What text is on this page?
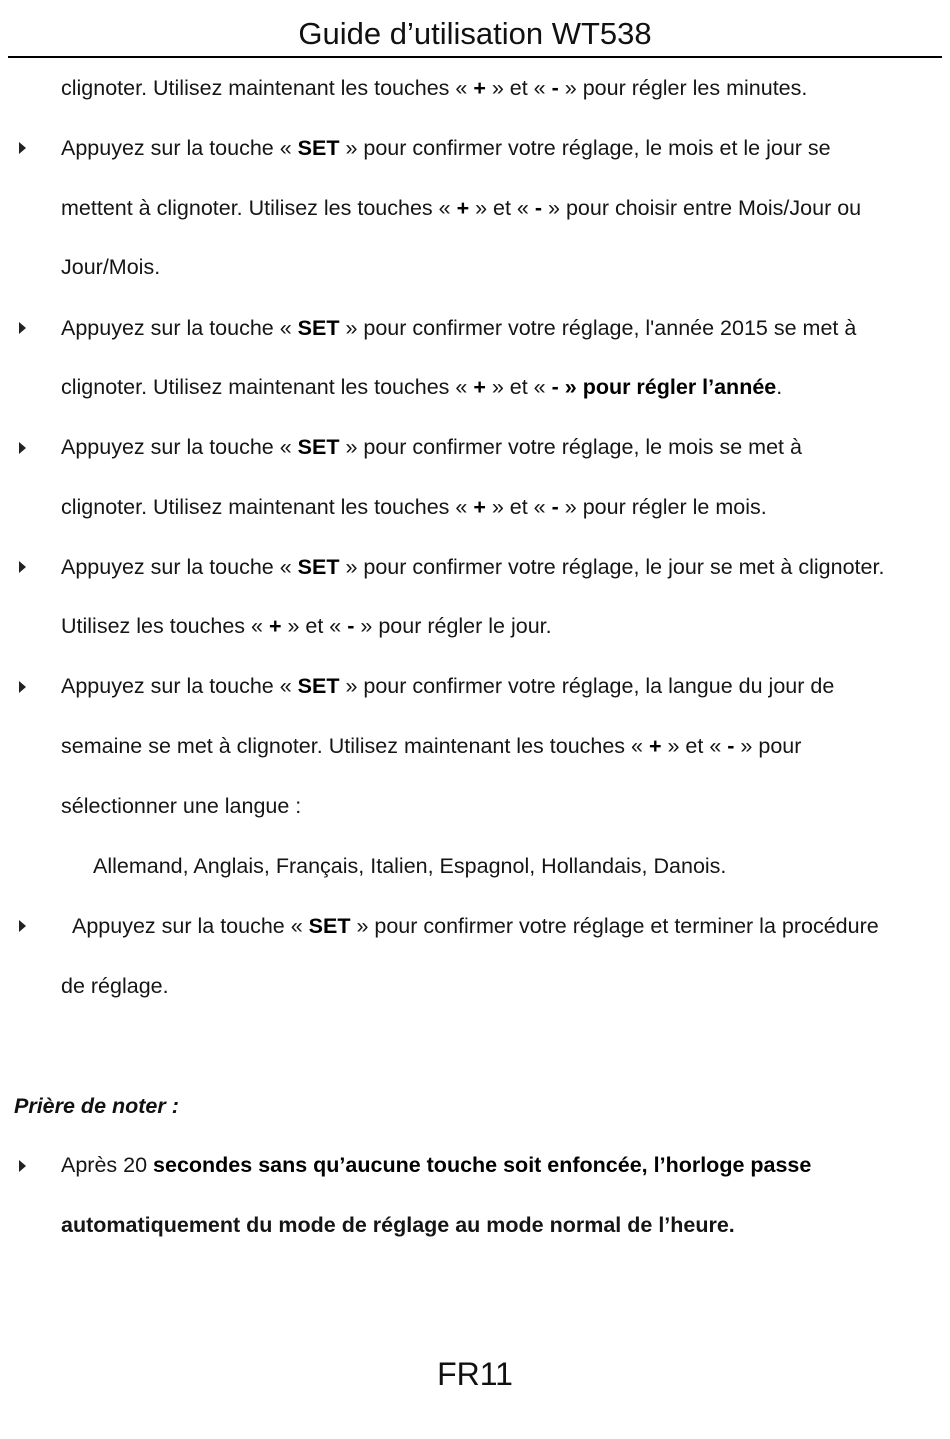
Guide d’utilisation WT538
clignoter. Utilisez maintenant les touches « + » et « - » pour régler les minutes.
Appuyez sur la touche « SET » pour confirmer votre réglage, le mois et le jour se
mettent à clignoter. Utilisez les touches « + » et « - » pour choisir entre Mois/Jour ou
Jour/Mois.
Appuyez sur la touche « SET » pour confirmer votre réglage, l'année 2015 se met à
clignoter. Utilisez maintenant les touches « + » et « - » pour régler l’année.
Appuyez sur la touche « SET » pour confirmer votre réglage, le mois se met à
clignoter. Utilisez maintenant les touches « + » et « - » pour régler le mois.
Appuyez sur la touche « SET » pour confirmer votre réglage, le jour se met à clignoter.
Utilisez les touches « + » et « - » pour régler le jour.
Appuyez sur la touche « SET » pour confirmer votre réglage, la langue du jour de
semaine se met à clignoter. Utilisez maintenant les touches « + » et « - » pour
sélectionner une langue :
Allemand, Anglais, Français, Italien, Espagnol, Hollandais, Danois.
Appuyez sur la touche « SET » pour confirmer votre réglage et terminer la procédure
de réglage.
Prière de noter :
Après 20 secondes sans qu’aucune touche soit enfoncée, l’horloge passe
automatiquement du mode de réglage au mode normal de l’heure.
FR11
